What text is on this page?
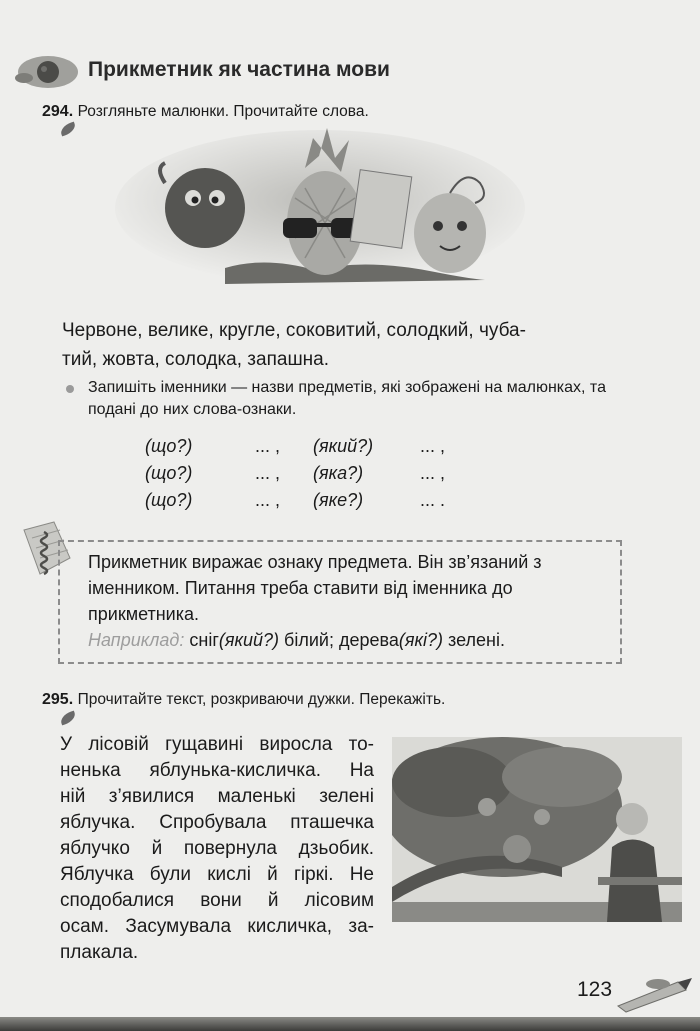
Прикметник як частина мови
294. Розгляньте малюнки. Прочитайте слова.
Червоне, велике, кругле, соковитий, солодкий, чуба-
тий, жовта, солодка, запашна.
Запишіть іменники — назви предметів, які зображені на малюнках, та подані до них слова-ознаки.
(що?)	... , (який?)	... ,
(що?)	... , (яка?)	... ,
(що?)	... , (яке?)	... .
Прикметник виражає ознаку предмета. Він зв’язаний з іменником. Питання треба ставити від іменника до прикметника.
Наприклад: сніг(який?) білий; дерева(які?) зелені.
295. Прочитайте текст, розкриваючи дужки. Перекажіть.
У лісовій гущавині виросла то-
ненька яблунька-кисличка. На
ній з’явилися маленькі зелені
яблучка. Спробувала пташечка
яблучко й повернула дзьобик.
Яблучка були кислі й гіркі. Не
сподобалися вони й лісовим
осам. Засумувала кисличка, за-
плакала.
123
